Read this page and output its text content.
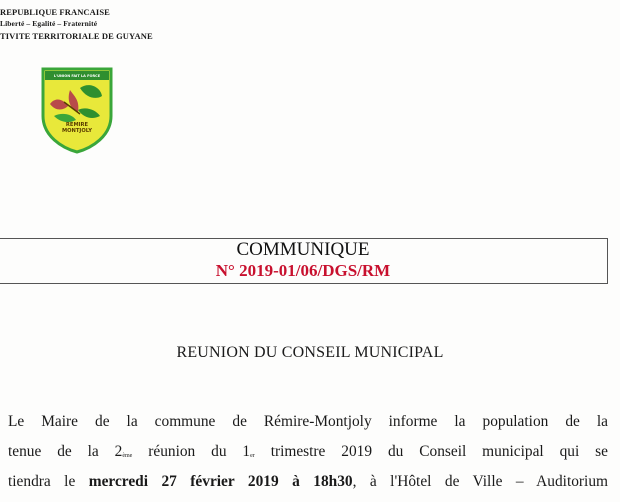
REPUBLIQUE FRANCAISE
Liberté – Egalité – Fraternité
TIVITE TERRITORIALE DE GUYANE
L'UNION FAIT LA FORCE
REMIRE
MONTJOLY
COMMUNIQUE
N° 2019-01/06/DGS/RM
REUNION DU CONSEIL MUNICIPAL

Le Maire de la commune de Rémire-Montjoly informe la population de la

tenue de la 2ème réunion du 1er trimestre 2019 du Conseil municipal qui se

tiendra le mercredi 27 février 2019 à 18h30, à l'Hôtel de Ville – Auditorium
